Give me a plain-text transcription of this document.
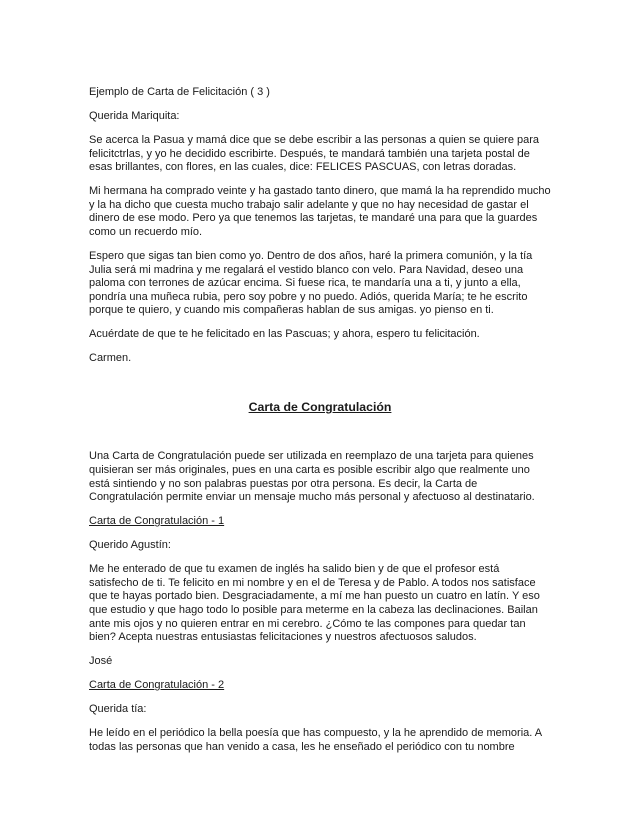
Ejemplo de Carta de Felicitación ( 3 )

Querida Mariquita:

Se acerca la Pasua y mamá dice que se debe escribir a las personas a quien se quiere para felicitctrlas, y yo he decidido escribirte. Después, te mandará también una tarjeta postal de esas brillantes, con flores, en las cuales, dice: FELICES PASCUAS, con letras doradas.

Mi hermana ha comprado veinte y ha gastado tanto dinero, que mamá la ha reprendido mucho y la ha dicho que cuesta mucho trabajo salir adelante y que no hay necesidad de gastar el dinero de ese modo. Pero ya que tenemos las tarjetas, te mandaré una para que la guardes como un recuerdo mío.

Espero que sigas tan bien como yo. Dentro de dos años, haré la primera comunión, y la tía Julia será mi madrina y me regalará el vestido blanco con velo. Para Navidad, deseo una paloma con terrones de azúcar encima. Si fuese rica, te mandaría una a ti, y junto a ella, pondría una muñeca rubia, pero soy pobre y no puedo. Adiós, querida María; te he escrito porque te quiero, y cuando mis compañeras hablan de sus amigas. yo pienso en ti.

Acuérdate de que te he felicitado en las Pascuas; y ahora, espero tu felicitación.

Carmen.

Carta de Congratulación

Una Carta de Congratulación puede ser utilizada en reemplazo de una tarjeta para quienes quisieran ser más originales, pues en una carta es posible escribir algo que realmente uno está sintiendo y no son palabras puestas por otra persona. Es decir, la Carta de Congratulación permite enviar un mensaje mucho más personal y afectuoso al destinatario.

Carta de Congratulación - 1

Querido Agustín:

Me he enterado de que tu examen de inglés ha salido bien y de que el profesor está satisfecho de ti. Te felicito en mi nombre y en el de Teresa y de Pablo. A todos nos satisface que te hayas portado bien. Desgraciadamente, a mí me han puesto un cuatro en latín. Y eso que estudio y que hago todo lo posible para meterme en la cabeza las declinaciones. Bailan ante mis ojos y no quieren entrar en mi cerebro. ¿Cómo te las compones para quedar tan bien? Acepta nuestras entusiastas felicitaciones y nuestros afectuosos saludos.

José

Carta de Congratulación - 2

Querida tía:

He leído en el periódico la bella poesía que has compuesto, y la he aprendido de memoria. A todas las personas que han venido a casa, les he enseñado el periódico con tu nombre
